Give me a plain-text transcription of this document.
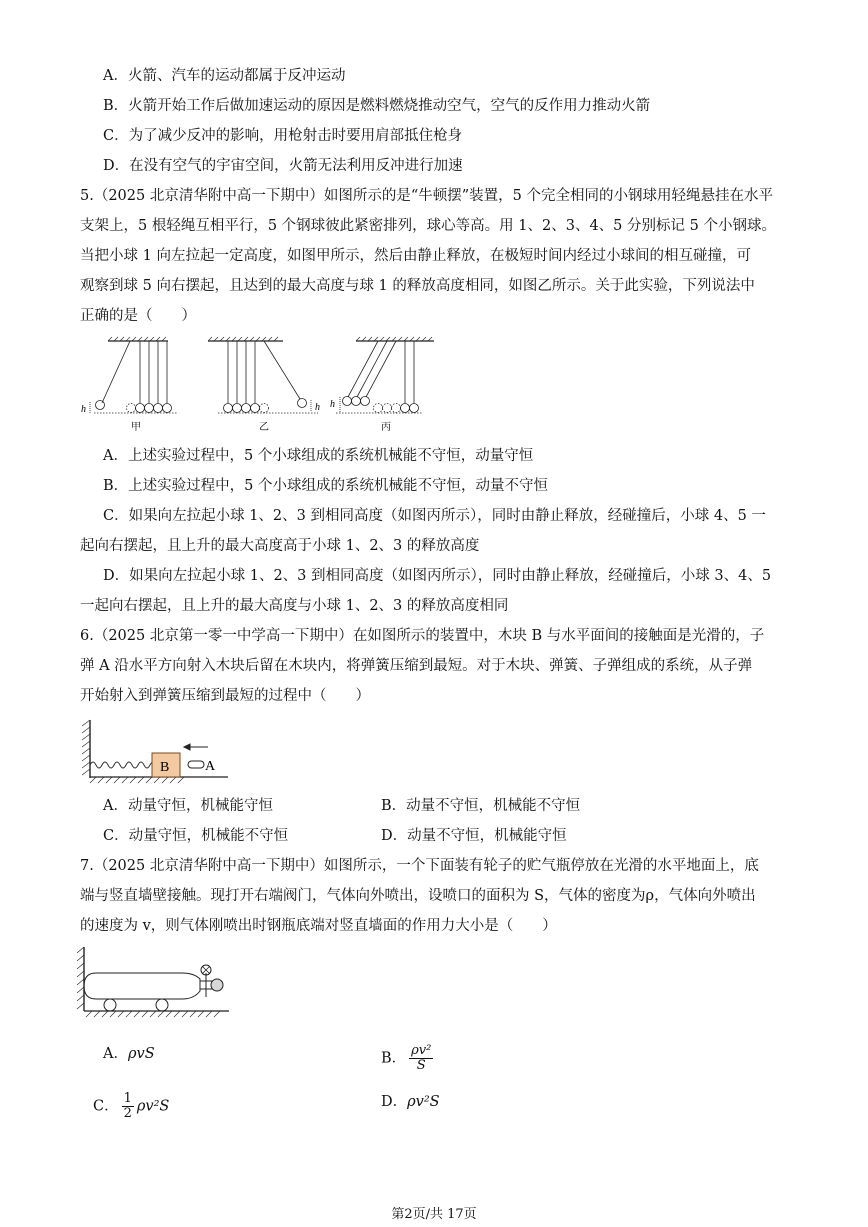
A．火箭、汽车的运动都属于反冲运动
B．火箭开始工作后做加速运动的原因是燃料燃烧推动空气，空气的反作用力推动火箭
C．为了减少反冲的影响，用枪射击时要用肩部抵住枪身
D．在没有空气的宇宙空间，火箭无法利用反冲进行加速
5.（2025 北京清华附中高一下期中）如图所示的是“牛顿摆”装置，5 个完全相同的小钢球用轻绳悬挂在水平
支架上，5 根轻绳互相平行，5 个钢球彼此紧密排列，球心等高。用 1、2、3、4、5 分别标记 5 个小钢球。
当把小球 1 向左拉起一定高度，如图甲所示，然后由静止释放，在极短时间内经过小球间的相互碰撞，可
观察到球 5 向右摆起，且达到的最大高度与球 1 的释放高度相同，如图乙所示。关于此实验，下列说法中
正确的是（　　）
h
甲
h
乙
h
丙
A．上述实验过程中，5 个小球组成的系统机械能不守恒，动量守恒
B．上述实验过程中，5 个小球组成的系统机械能不守恒，动量不守恒
C．如果向左拉起小球 1、2、3 到相同高度（如图丙所示），同时由静止释放，经碰撞后，小球 4、5 一
起向右摆起，且上升的最大高度高于小球 1、2、3 的释放高度
D．如果向左拉起小球 1、2、3 到相同高度（如图丙所示），同时由静止释放，经碰撞后，小球 3、4、5
一起向右摆起，且上升的最大高度与小球 1、2、3 的释放高度相同
6.（2025 北京第一零一中学高一下期中）在如图所示的装置中，木块 B 与水平面间的接触面是光滑的，子
弹 A 沿水平方向射入木块后留在木块内，将弹簧压缩到最短。对于木块、弹簧、子弹组成的系统，从子弹
开始射入到弹簧压缩到最短的过程中（　　）
B	A
A．动量守恒，机械能守恒	B．动量不守恒，机械能不守恒
C．动量守恒，机械能不守恒	D．动量不守恒，机械能守恒
7.（2025 北京清华附中高一下期中）如图所示，一个下面装有轮子的贮气瓶停放在光滑的水平地面上，底
端与竖直墙壁接触。现打开右端阀门，气体向外喷出，设喷口的面积为 S，气体的密度为ρ，气体向外喷出
的速度为 v，则气体刚喷出时钢瓶底端对竖直墙面的作用力大小是（　　）
A．ρvS	B． $\frac{\text{ρv²}}{S}$
C． $\frac{1}{2} \rho v^2S$	D．ρv²S
第2页/共 17页
